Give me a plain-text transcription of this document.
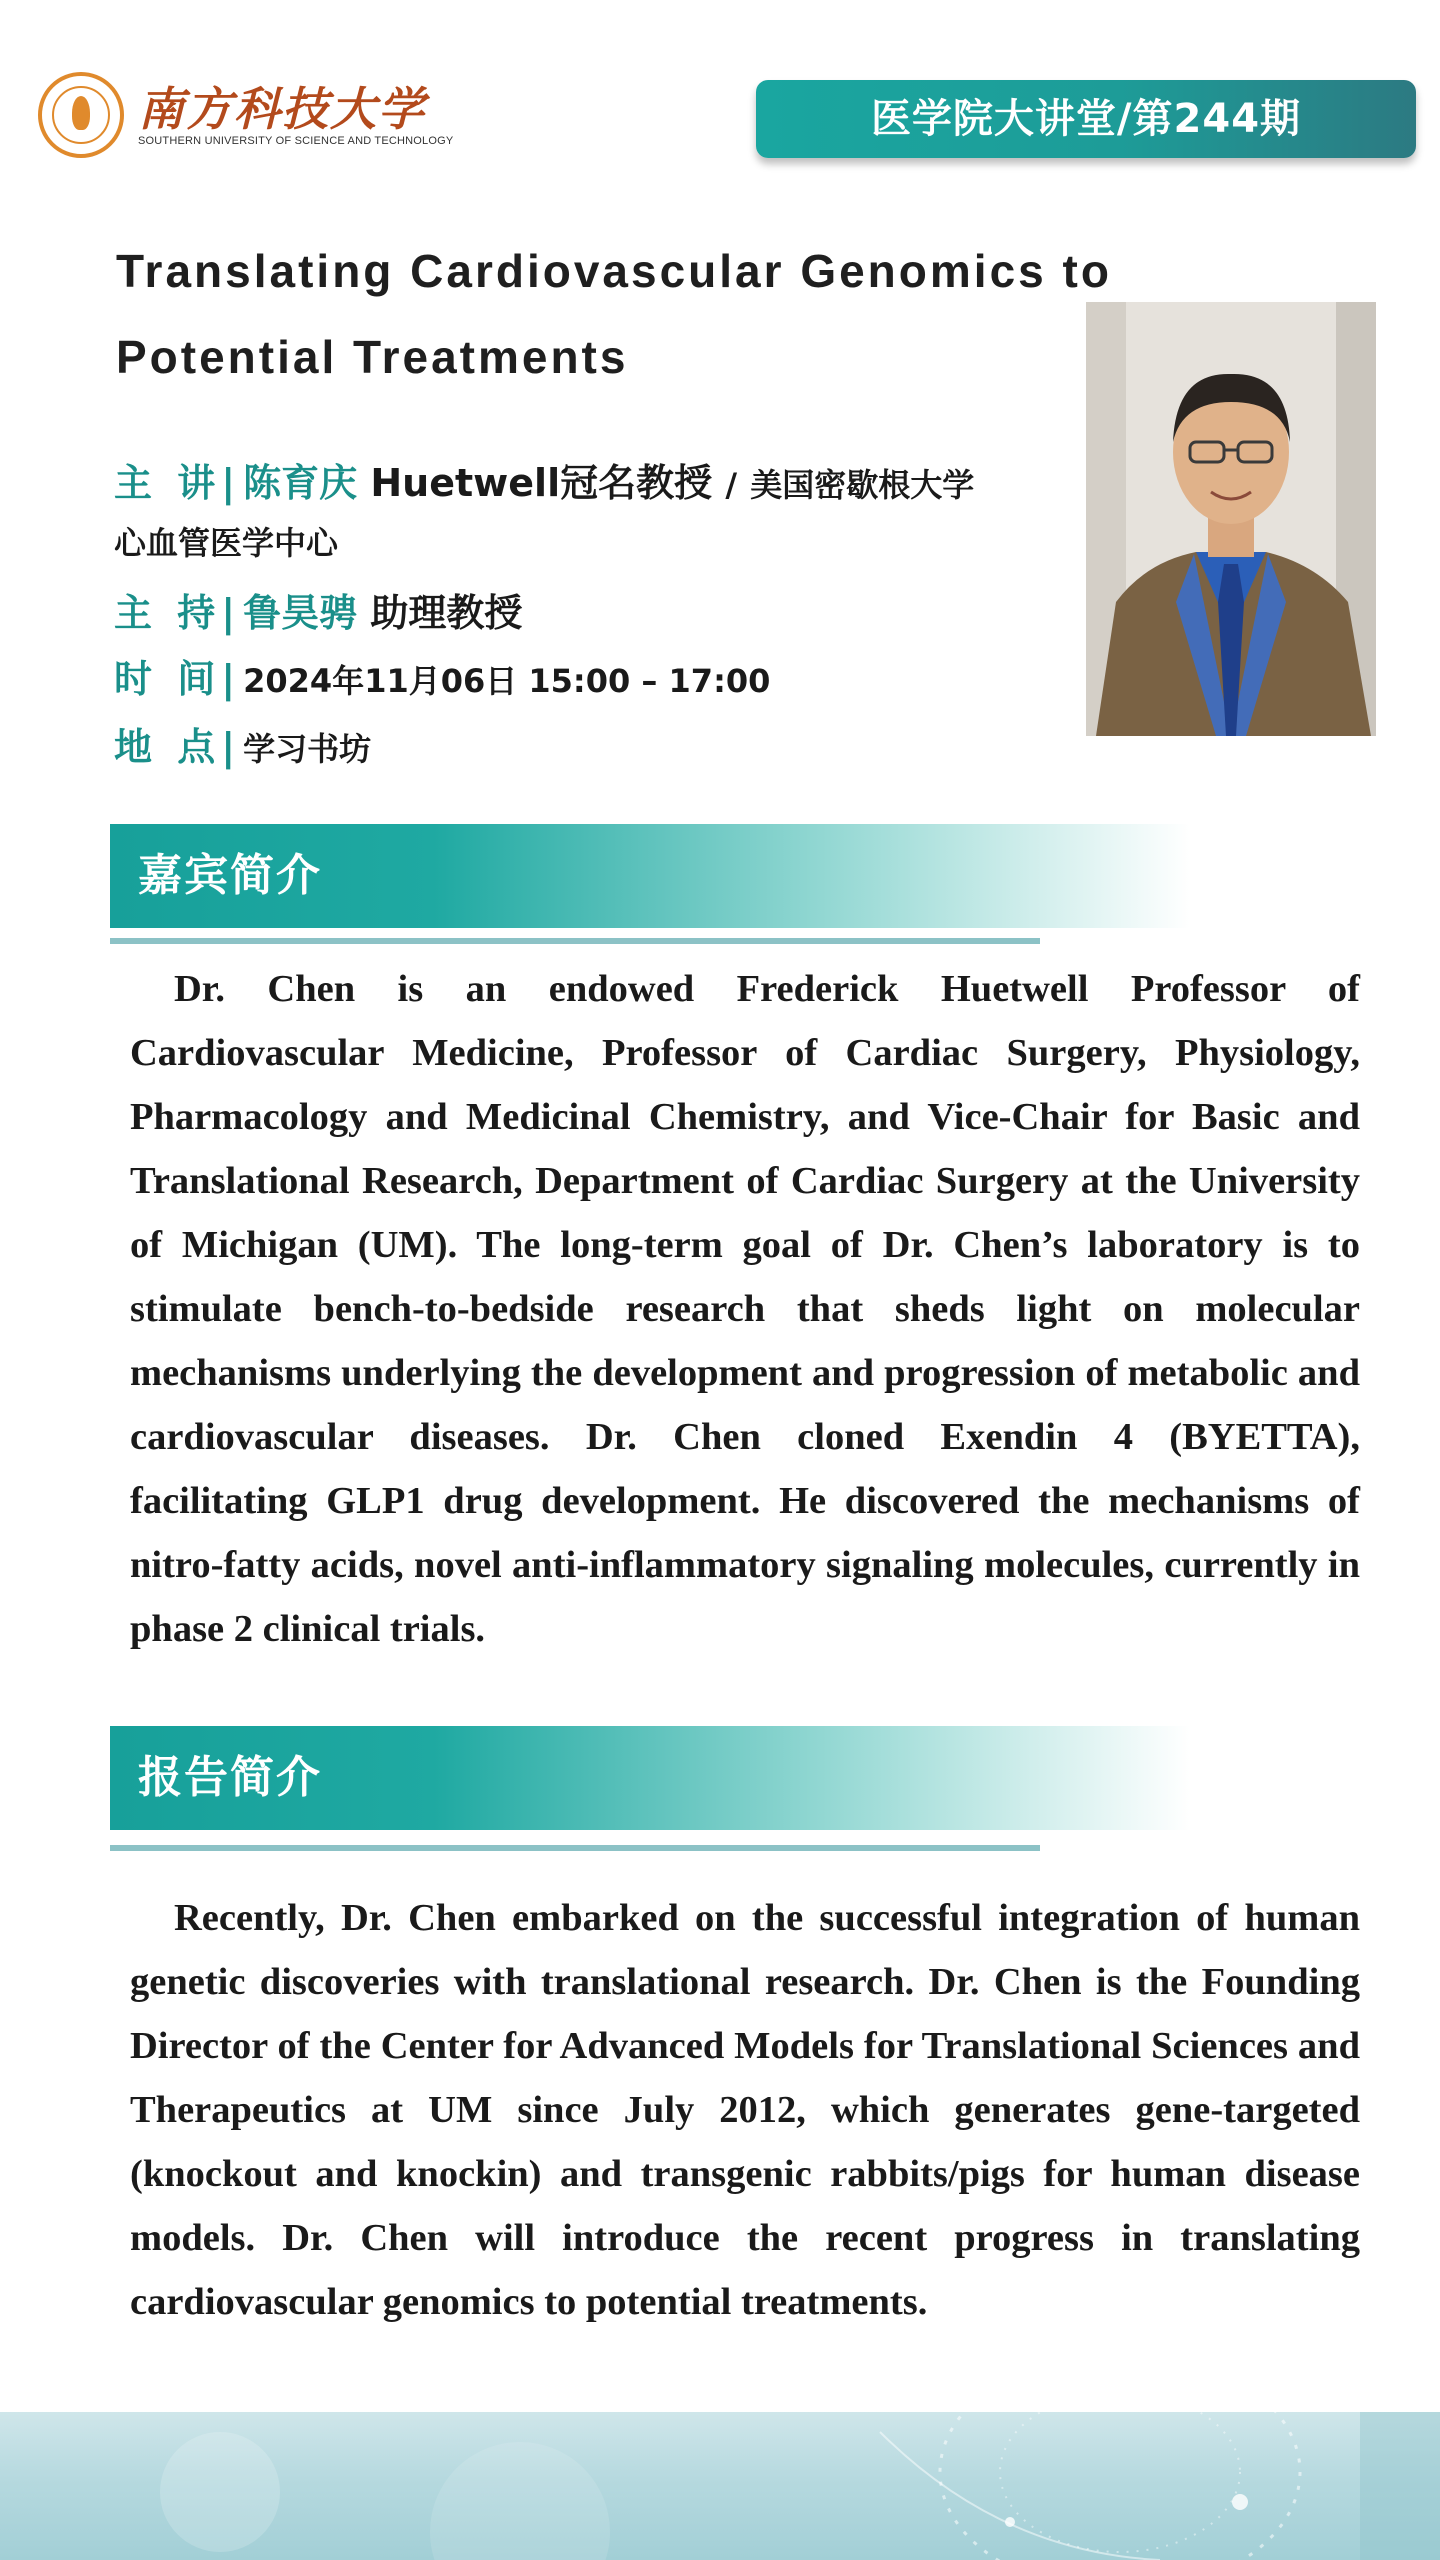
南方科技大学
SOUTHERN UNIVERSITY OF SCIENCE AND TECHNOLOGY	医学院大讲堂/第244期
Translating Cardiovascular Genomics to
Potential Treatments
主 讲| 陈育庆 Huetwell冠名教授 / 美国密歇根大学
心血管医学中心
主 持| 鲁昊骋 助理教授
时 间| 2024年11月06日 15:00 – 17:00
地 点| 学习书坊
嘉宾简介
Dr. Chen is an endowed Frederick Huetwell Professor of Cardiovascular Medicine, Professor of Cardiac Surgery, Physiology, Pharmacology and Medicinal Chemistry, and Vice-Chair for Basic and Translational Research, Department of Cardiac Surgery at the University of Michigan (UM). The long-term goal of Dr. Chen’s laboratory is to stimulate bench-to-bedside research that sheds light on molecular mechanisms underlying the development and progression of metabolic and cardiovascular diseases. Dr. Chen cloned Exendin 4 (BYETTA), facilitating GLP1 drug development. He discovered the mechanisms of nitro-fatty acids, novel anti-inflammatory signaling molecules, currently in phase 2 clinical trials.
报告简介
Recently, Dr. Chen embarked on the successful integration of human genetic discoveries with translational research. Dr. Chen is the Founding Director of the Center for Advanced Models for Translational Sciences and Therapeutics at UM since July 2012, which generates gene-targeted (knockout and knockin) and transgenic rabbits/pigs for human disease models. Dr. Chen will introduce the recent progress in translating cardiovascular genomics to potential treatments.
